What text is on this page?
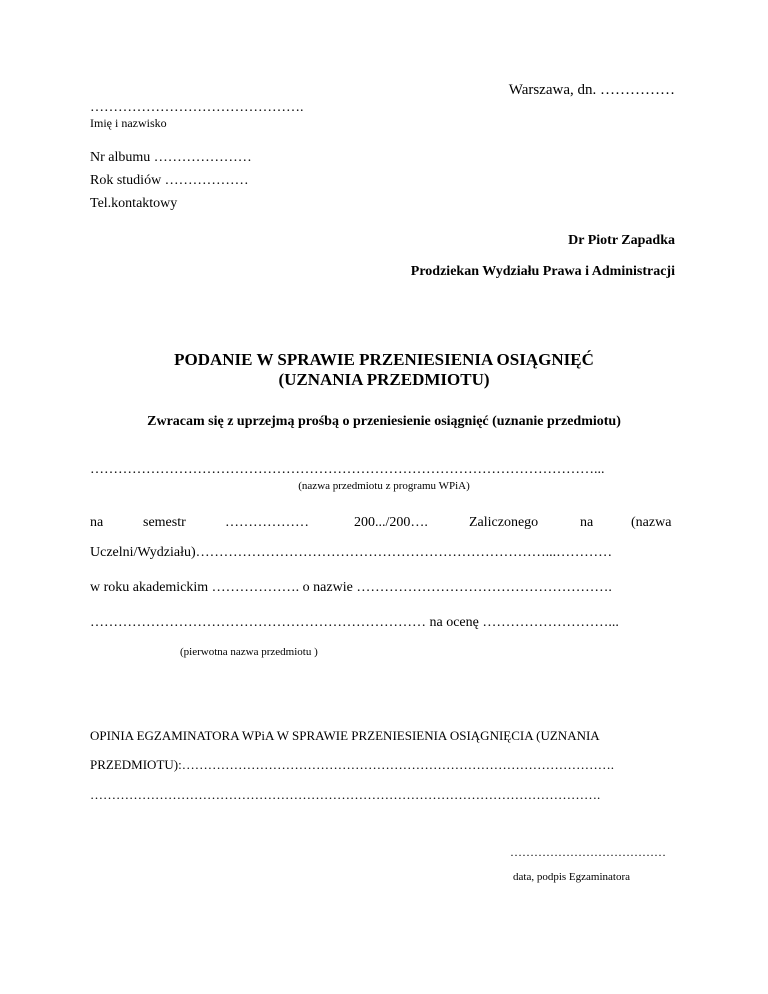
Warszawa, dn. ……………
……………………………………….
Imię i nazwisko
Nr albumu …………………
Rok studiów ………………
Tel.kontaktowy
Dr Piotr Zapadka
Prodziekan Wydziału Prawa i Administracji
PODANIE W SPRAWIE PRZENIESIENIA OSIĄGNIĘĆ
(UZNANIA PRZEDMIOTU)
Zwracam się z uprzejmą prośbą o przeniesienie osiągnięć (uznanie przedmiotu)
………………………………………………………………………………………………...
(nazwa przedmiotu z programu WPiA)
na	semestr	………………	200.../200….	Zaliczonego	na	(nazwa
Uczelni/Wydziału)…………………………………………………………………...…………
w roku akademickim ………………. o nazwie ……………………………………………….
……………………………………………………………… na ocenę ………………………...
(pierwotna nazwa przedmiotu )
OPINIA EGZAMINATORA WPiA W SPRAWIE PRZENIESIENIA OSIĄGNIĘCIA (UZNANIA
PRZEDMIOTU):……………………………………………………………………………………….
……………………………………………………………………………………………………….
…………………………………
data, podpis Egzaminatora
